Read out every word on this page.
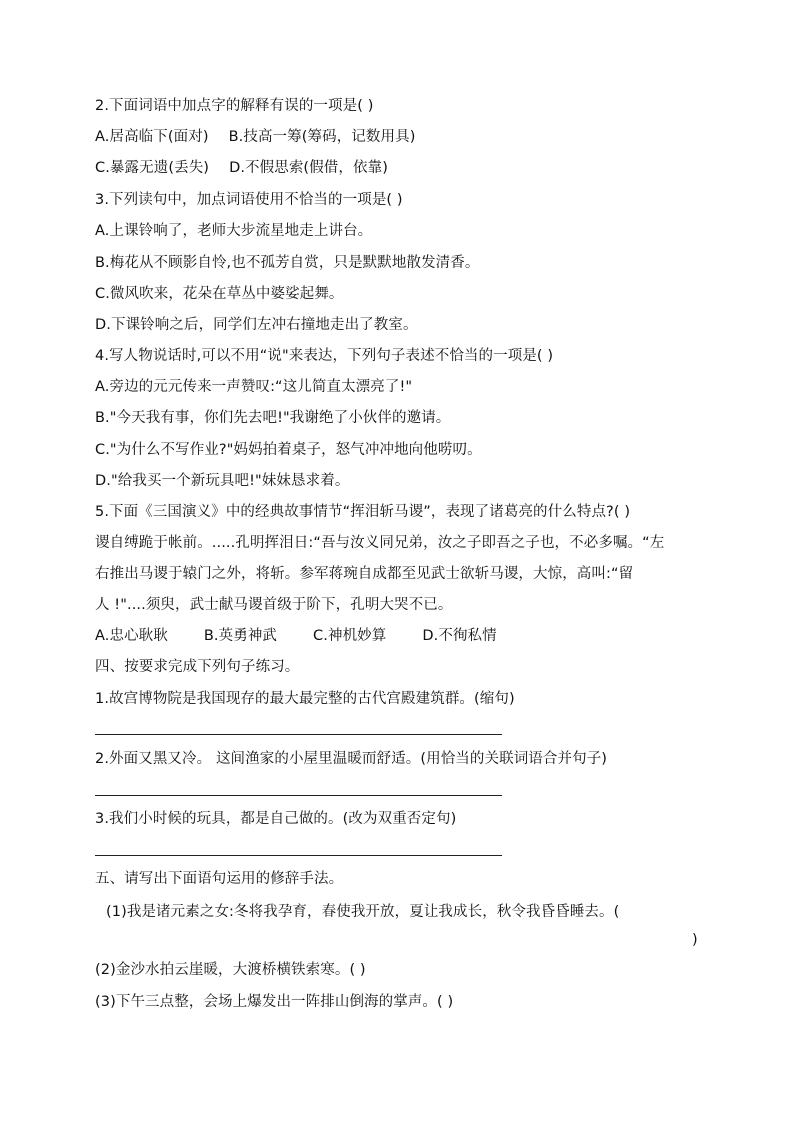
2.下面词语中加点字的解释有误的一项是( )
A.居高临下(面对) B.技高一筹(筹码，记数用具)
C.暴露无遗(丢失) D.不假思索(假借，依靠)
3.下列读句中，加点词语使用不恰当的一项是( )
A.上课铃响了，老师大步流星地走上讲台。
B.梅花从不顾影自怜,也不孤芳自赏，只是默默地散发清香。
C.微风吹来，花朵在草丛中婆娑起舞。
D.下课铃响之后，同学们左冲右撞地走出了教室。
4.写人物说话时,可以不用“说"来表达，下列句子表述不恰当的一项是( )
A.旁边的元元传来一声赞叹:“这儿简直太漂亮了!"
B."今天我有事，你们先去吧!"我谢绝了小伙伴的邀请。
C."为什么不写作业?"妈妈拍着桌子，怒气冲冲地向他唠叨。
D."给我买一个新玩具吧!"妹妹恳求着。
5.下面《三国演义》中的经典故事情节“挥泪斩马谡”，表现了诸葛亮的什么特点?( )
谡自缚跪于帐前。.....孔明挥泪日:“吾与汝义同兄弟，汝之子即吾之子也，不必多嘱。“左
右推出马谡于辕门之外，将斩。参军蒋琬自成都至见武士欲斩马谡，大惊，高叫:“留
人 !"....须臾，武士献马谡首级于阶下，孔明大哭不已。
A.忠心耿耿 B.英勇神武 C.神机妙算 D.不徇私情
四、按要求完成下列句子练习。
1.故宫博物院是我国现存的最大最完整的古代宫殿建筑群。(缩句)
2.外面又黑又冷。 这间渔家的小屋里温暖而舒适。(用恰当的关联词语合并句子)
3.我们小时候的玩具，都是自己做的。(改为双重否定句)
五、请写出下面语句运用的修辞手法。
(1)我是诸元素之女:冬将我孕育，春使我开放，夏让我成长，秋令我昏昏睡去。(
)
(2)金沙水拍云崖暖，大渡桥横铁索寒。( )
(3)下午三点整，会场上爆发出一阵排山倒海的掌声。( )
